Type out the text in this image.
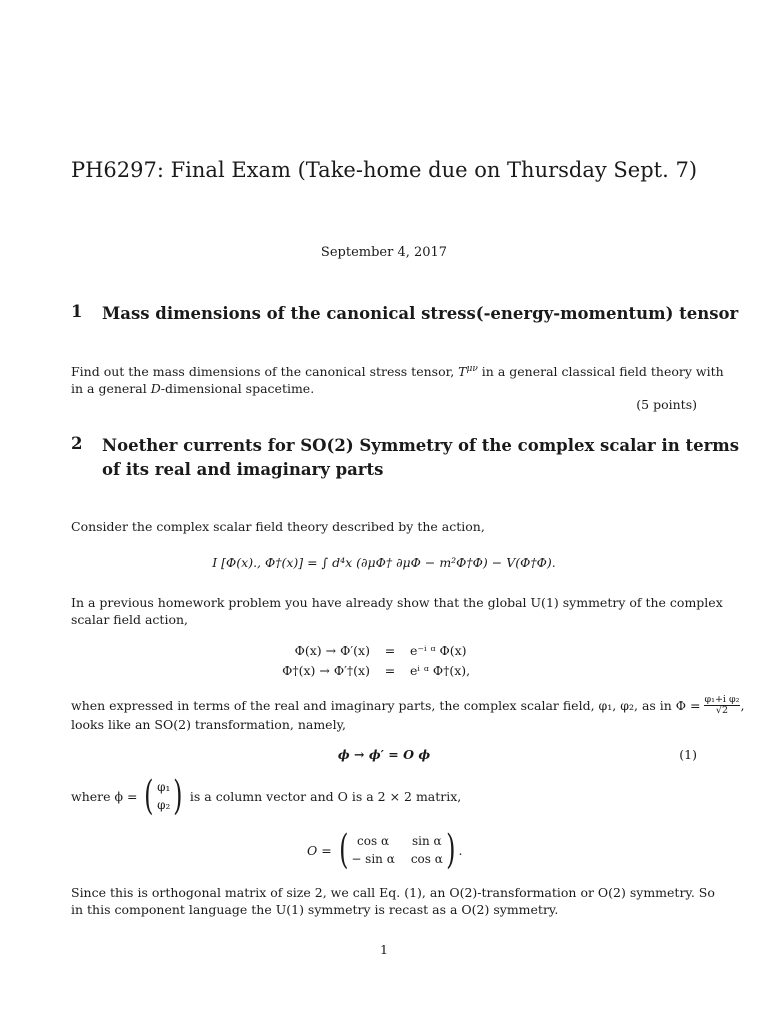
PH6297: Final Exam (Take-home due on Thursday Sept. 7)
September 4, 2017
1 Mass dimensions of the canonical stress(-energy-momentum) tensor
Find out the mass dimensions of the canonical stress tensor, $T^{\mu\nu}$ in a general classical field theory with
in a general D-dimensional spacetime.
(5 points)
2 Noether currents for SO(2) Symmetry of the complex scalar in terms
of its real and imaginary parts
Consider the complex scalar field theory described by the action,
I [Φ(x)., Φ†(x)] = ∫ d⁴x (∂μΦ† ∂μΦ − m²Φ†Φ) − V(Φ†Φ).
In a previous homework problem you have already show that the global U(1) symmetry of the complex
scalar field action,
Φ(x) → Φ′(x)	=	e⁻ⁱ ᵅ Φ(x)
Φ†(x) → Φ′†(x)	=	eⁱ ᵅ Φ†(x),
when expressed in terms of the real and imaginary parts, the complex scalar field, φ₁, φ₂, as in $\Phi = \frac{\text{φ₁+i φ₂}}{√2}$ ,
looks like an SO(2) transformation, namely,
ϕ → ϕ′ = O ϕ	(1)
where ϕ = ( φ₁
φ₂ ) is a column vector and O is a 2 × 2 matrix,
O = ( cos α	sin α
− sin α cos α ) .
Since this is orthogonal matrix of size 2, we call Eq. (1), an O(2)-transformation or O(2) symmetry. So
in this component language the U(1) symmetry is recast as a O(2) symmetry.
1
